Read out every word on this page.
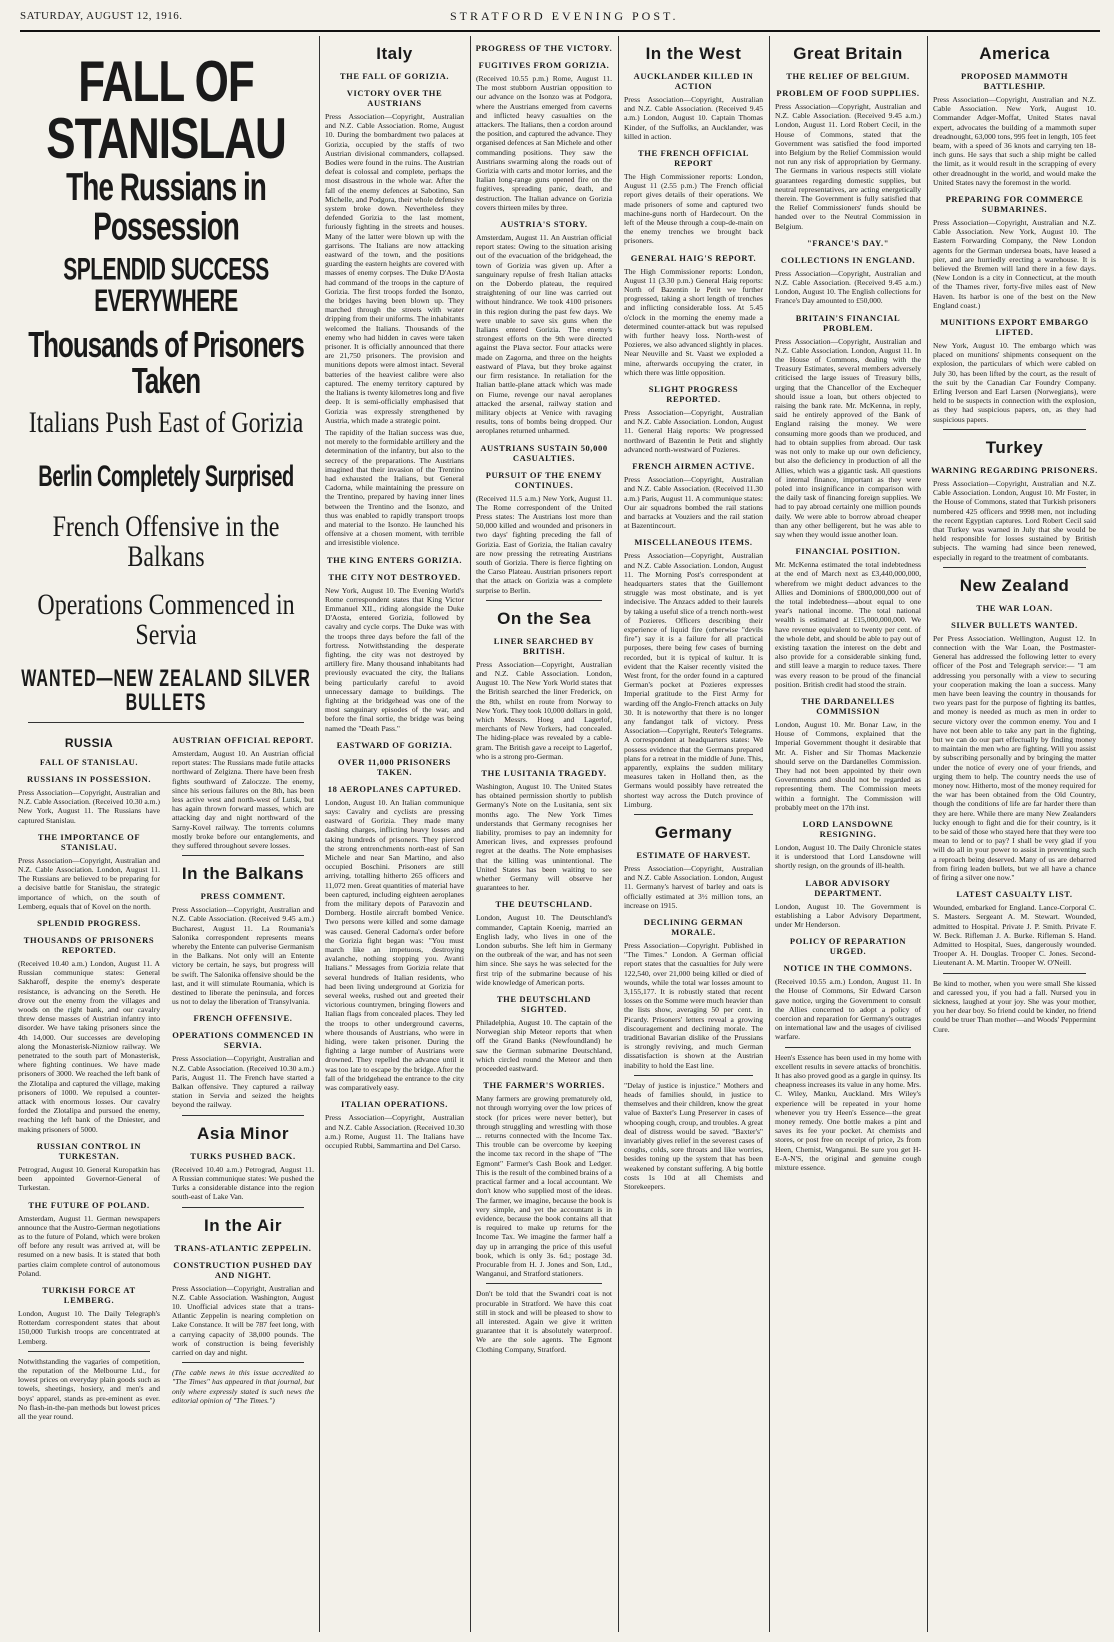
SATURDAY, AUGUST 12, 1916.	STRATFORD EVENING POST.
FALL OF STANISLAU
The Russians in Possession
SPLENDID SUCCESS EVERYWHERE
Thousands of Prisoners Taken
Italians Push East of Gorizia
Berlin Completely Surprised
French Offensive in the Balkans
Operations Commenced in Servia
WANTED—NEW ZEALAND SILVER BULLETS
RUSSIA
FALL OF STANISLAU.
RUSSIANS IN POSSESSION.

Press Association—Copyright, Australian and N.Z. Cable Association. (Received 10.30 a.m.) New York, August 11. The Russians have captured Stanislau.

THE IMPORTANCE OF STANISLAU.

Press Association—Copyright, Australian and N.Z. Cable Association. London, August 11. The Russians are believed to be preparing for a decisive battle for Stanislau, the strategic importance of which, on the south of Lemberg, equals that of Kovel on the north.

SPLENDID PROGRESS.
THOUSANDS OF PRISONERS REPORTED.

(Received 10.40 a.m.) London, August 11. A Russian communique states: General Sakharoff, despite the enemy's desperate resistance, is advancing on the Sereth. He drove out the enemy from the villages and woods on the right bank, and our cavalry threw dense masses of Austrian infantry into disorder. We have taking prisoners since the 4th 14,000. Our successes are developing along the Monasterisk-Nizniow railway. We penetrated to the south part of Monasterisk, where fighting continues. We have made prisoners of 3000. We reached the left bank of the Zlotalipa and captured the village, making prisoners of 1000. We repulsed a counter-attack with enormous losses. Our cavalry forded the Zlotalipa and pursued the enemy, reaching the left bank of the Dniester, and making prisoners of 5000.

RUSSIAN CONTROL IN TURKESTAN.

Petrograd, August 10. General Kuropatkin has been appointed Governor-General of Turkestan.

THE FUTURE OF POLAND.

Amsterdam, August 11. German newspapers announce that the Austro-German negotiations as to the future of Poland, which were broken off before any result was arrived at, will be resumed on a new basis. It is stated that both parties claim complete control of autonomous Poland.

TURKISH FORCE AT LEMBERG.

London, August 10. The Daily Telegraph's Rotterdam correspondent states that about 150,000 Turkish troops are concentrated at Lemberg.

Notwithstanding the vagaries of competition, the reputation of the Melbourne Ltd., for lowest prices on everyday plain goods such as towels, sheetings, hosiery, and men's and boys' apparel, stands as pre-eminent as ever. No flash-in-the-pan methods but lowest prices all the year round.

AUSTRIAN OFFICIAL REPORT.

Amsterdam, August 10. An Austrian official report states: The Russians made futile attacks northward of Zelgizna. There have been fresh fights southward of Zaloczze. The enemy, since his serious failures on the 8th, has been less active west and north-west of Lutsk, but has again thrown forward masses, which are attacking day and night northward of the Sarny-Kovel railway. The torrents columns mostly broke before our entanglements, and they suffered throughout severe losses.

In the Balkans
PRESS COMMENT.

Press Association—Copyright, Australian and N.Z. Cable Association. (Received 9.45 a.m.) Bucharest, August 11. La Roumania's Salonika correspondent represents means whereby the Entente can pulverise Germanism in the Balkans. Not only will an Entente victory be certain, he says, but progress will be swift. The Salonika offensive should be the last, and it will stimulate Roumania, which is destined to liberate the peninsula, and forces us not to delay the liberation of Transylvania.

FRENCH OFFENSIVE.
OPERATIONS COMMENCED IN SERVIA.

Press Association—Copyright, Australian and N.Z. Cable Association. (Received 10.30 a.m.) Paris, August 11. The French have started a Balkan offensive. They captured a railway station in Servia and seized the heights beyond the railway.

Asia Minor
TURKS PUSHED BACK.

(Received 10.40 a.m.) Petrograd, August 11. A Russian communique states: We pushed the Turks a considerable distance into the region south-east of Lake Van.

In the Air
TRANS-ATLANTIC ZEPPELIN.
CONSTRUCTION PUSHED DAY AND NIGHT.

Press Association—Copyright, Australian and N.Z. Cable Association. Washington, August 10. Unofficial advices state that a trans-Atlantic Zeppelin is nearing completion on Lake Constance. It will be 787 feet long, with a carrying capacity of 38,000 pounds. The work of construction is being feverishly carried on day and night.

(The cable news in this issue accredited to "The Times" has appeared in that journal, but only where expressly stated is such news the editorial opinion of "The Times.")

Italy
THE FALL OF GORIZIA.
VICTORY OVER THE AUSTRIANS

Press Association—Copyright, Australian and N.Z. Cable Association. Rome, August 10. During the bombardment two palaces at Gorizia, occupied by the staffs of two Austrian divisional commanders, collapsed. Bodies were found in the ruins. The Austrian defeat is colossal and complete, perhaps the most disastrous in the whole war. After the fall of the enemy defences at Sabotino, San Michelle, and Podgora, their whole defensive system broke down. Nevertheless they defended Gorizia to the last moment, furiously fighting in the streets and houses. Many of the latter were blown up with the garrisons. The Italians are now attacking eastward of the town, and the positions guarding the eastern heights are covered with masses of enemy corpses. The Duke D'Aosta had command of the troops in the capture of Gorizia. The first troops forded the Isonzo, the bridges having been blown up. They marched through the streets with water dripping from their uniforms. The inhabitants welcomed the Italians. Thousands of the enemy who had hidden in caves were taken prisoner. It is officially announced that there are 21,750 prisoners. The provision and munitions depots were almost intact. Several batteries of the heaviest calibre were also captured. The enemy territory captured by the Italians is twenty kilometres long and five deep. It is semi-officially emphasised that Gorizia was expressly strengthened by Austria, which made a strategic point.

The rapidity of the Italian success was due, not merely to the formidable artillery and the determination of the infantry, but also to the secrecy of the preparations. The Austrians imagined that their invasion of the Trentino had exhausted the Italians, but General Cadorna, while maintaining the pressure on the Trentino, prepared by having inner lines between the Trentino and the Isonzo, and thus was enabled to rapidly transport troops and material to the Isonzo. He launched his offensive at a chosen moment, with terrible and irresistible violence.

THE KING ENTERS GORIZIA.
THE CITY NOT DESTROYED.

New York, August 10. The Evening World's Rome correspondent states that King Victor Emmanuel XII., riding alongside the Duke D'Aosta, entered Gorizia, followed by cavalry and cycle corps. The Duke was with the troops three days before the fall of the fortress. Notwithstanding the desperate fighting, the city was not destroyed by artillery fire. Many thousand inhabitants had previously evacuated the city, the Italians being particularly careful to avoid unnecessary damage to buildings. The fighting at the bridgehead was one of the most sanguinary episodes of the war, and before the final sortie, the bridge was being named the "Death Pass."

EASTWARD OF GORIZIA.
OVER 11,000 PRISONERS TAKEN.
18 AEROPLANES CAPTURED.

London, August 10. An Italian communique says: Cavalry and cyclists are pressing eastward of Gorizia. They made many dashing charges, inflicting heavy losses and taking hundreds of prisoners. They pierced the strong entrenchments north-east of San Michele and near San Martino, and also occupied Boschini. Prisoners are still arriving, totalling hitherto 265 officers and 11,072 men. Great quantities of material have been captured, including eighteen aeroplanes from the military depots of Paravozin and Dornberg. Hostile aircraft bombed Venice. Two persons were killed and some damage was caused. General Cadorna's order before the Gorizia fight began was: "You must march like an impetuous, destroying avalanche, nothing stopping you. Avanti Italians." Messages from Gorizia relate that several hundreds of Italian residents, who had been living underground at Gorizia for several weeks, rushed out and greeted their victorious countrymen, bringing flowers and Italian flags from concealed places. They led the troops to other underground caverns, where thousands of Austrians, who were in hiding, were taken prisoner. During the fighting a large number of Austrians were drowned. They repelled the advance until it was too late to escape by the bridge. After the fall of the bridgehead the entrance to the city was comparatively easy.

ITALIAN OPERATIONS.

Press Association—Copyright, Australian and N.Z. Cable Association. (Received 10.30 a.m.) Rome, August 11. The Italians have occupied Rubbi, Sammartina and Del Carso.

PROGRESS OF THE VICTORY.
FUGITIVES FROM GORIZIA.

(Received 10.55 p.m.) Rome, August 11. The most stubborn Austrian opposition to our advance on the Isonzo was at Podgora, where the Austrians emerged from caverns and inflicted heavy casualties on the attackers. The Italians, then a cordon around the position, and captured the advance. They organised defences at San Michele and other commanding positions. They saw the Austrians swarming along the roads out of Gorizia with carts and motor lorries, and the Italian long-range guns opened fire on the fugitives, spreading panic, death, and destruction. The Italian advance on Gorizia covers thirteen miles by three.

AUSTRIA'S STORY.

Amsterdam, August 11. An Austrian official report states: Owing to the situation arising out of the evacuation of the bridgehead, the town of Gorizia was given up. After a sanguinary repulse of fresh Italian attacks on the Doberdo plateau, the required straightening of our line was carried out without hindrance. We took 4100 prisoners in this region during the past few days. We were unable to save six guns when the Italians entered Gorizia. The enemy's strongest efforts on the 9th were directed against the Plava sector. Four attacks were made on Zagorna, and three on the heights eastward of Plava, but they broke against our firm resistance. In retaliation for the Italian battle-plane attack which was made on Fiume, revenge our naval aeroplanes attacked the arsenal, railway station and military objects at Venice with ravaging results, tons of bombs being dropped. Our aeroplanes returned unharmed.

AUSTRIANS SUSTAIN 50,000 CASUALTIES.
PURSUIT OF THE ENEMY CONTINUES.

(Received 11.5 a.m.) New York, August 11. The Rome correspondent of the United Press states: The Austrians lost more than 50,000 killed and wounded and prisoners in two days' fighting preceding the fall of Gorizia. East of Gorizia, the Italian cavalry are now pressing the retreating Austrians south of Gorizia. There is fierce fighting on the Carso Plateau. Austrian prisoners report that the attack on Gorizia was a complete surprise to Berlin.

On the Sea
LINER SEARCHED BY BRITISH.

Press Association—Copyright, Australian and N.Z. Cable Association. London, August 10. The New York World states that the British searched the liner Frederick, on the 8th, whilst en route from Norway to New York. They took 10,000 dollars in gold, which Messrs. Hoeg and Lagerlof, merchants of New Yorkers, had concealed. The hiding-place was revealed by a cable-gram. The British gave a receipt to Lagerlof, who is a strong pro-German.

THE LUSITANIA TRAGEDY.

Washington, August 10. The United States has obtained permission shortly to publish Germany's Note on the Lusitania, sent six months ago. The New York Times understands that Germany recognises her liability, promises to pay an indemnity for American lives, and expresses profound regret at the deaths. The Note emphasises that the killing was unintentional. The United States has been waiting to see whether Germany will observe her guarantees to her.

THE DEUTSCHLAND.

London, August 10. The Deutschland's commander, Captain Koenig, married an English lady, who lives in one of the London suburbs. She left him in Germany on the outbreak of the war, and has not seen him since. She says he was selected for the first trip of the submarine because of his wide knowledge of American ports.

THE DEUTSCHLAND SIGHTED.

Philadelphia, August 10. The captain of the Norwegian ship Meteor reports that when off the Grand Banks (Newfoundland) he saw the German submarine Deutschland, which circled round the Meteor and then proceeded eastward.

THE FARMER'S WORRIES.

Many farmers are growing prematurely old, not through worrying over the low prices of stock (for prices were never better), but through struggling and wrestling with those ... returns connected with the Income Tax. This trouble can be overcome by keeping the income tax record in the shape of "The Egmont" Farmer's Cash Book and Ledger. This is the result of the combined brains of a practical farmer and a local accountant. We don't know who supplied most of the ideas. The farmer, we imagine, because the book is very simple, and yet the accountant is in evidence, because the book contains all that is required to make up returns for the Income Tax. We imagine the farmer half a day up in arranging the price of this useful book, which is only 3s. 6d.; postage 3d. Procurable from H. J. Jones and Son, Ltd., Wanganui, and Stratford stationers.

Don't be told that the Swandri coat is not procurable in Stratford. We have this coat still in stock and will be pleased to show to all interested. Again we give it written guarantee that it is absolutely waterproof. We are the sole agents. The Egmont Clothing Company, Stratford.

In the West
AUCKLANDER KILLED IN ACTION

Press Association—Copyright, Australian and N.Z. Cable Association. (Received 9.45 a.m.) London, August 10. Captain Thomas Kinder, of the Suffolks, an Aucklander, was killed in action.

THE FRENCH OFFICIAL REPORT

The High Commissioner reports: London, August 11 (2.55 p.m.) The French official report gives details of their operations. We made prisoners of some and captured two machine-guns north of Hardecourt. On the left of the Meuse through a coup-de-main on the enemy trenches we brought back prisoners.

GENERAL HAIG'S REPORT.

The High Commissioner reports: London, August 11 (3.30 p.m.) General Haig reports: North of Bazentin le Petit we further progressed, taking a short length of trenches and inflicting considerable loss. At 5.45 o'clock in the morning the enemy made a determined counter-attack but was repulsed with further heavy loss. North-west of Pozieres, we also advanced slightly in places. Near Neuville and St. Vaast we exploded a mine, afterwards occupying the crater, in which there was little opposition.

SLIGHT PROGRESS REPORTED.

Press Association—Copyright, Australian and N.Z. Cable Association. London, August 11. General Haig reports: We progressed northward of Bazentin le Petit and slightly advanced north-westward of Pozieres.

FRENCH AIRMEN ACTIVE.

Press Association—Copyright, Australian and N.Z. Cable Association. (Received 11.30 a.m.) Paris, August 11. A communique states: Our air squadrons bombed the rail stations and barracks at Vouziers and the rail station at Bazentincourt.

MISCELLANEOUS ITEMS.

Press Association—Copyright, Australian and N.Z. Cable Association. London, August 11. The Morning Post's correspondent at headquarters states that the Guillemont struggle was most obstinate, and is yet indecisive. The Anzacs added to their laurels by taking a useful slice of a trench north-west of Pozieres. Officers describing their experience of liquid fire (otherwise "devils fire") say it is a failure for all practical purposes, there being few cases of burning recorded, but it is typical of kultur. It is evident that the Kaiser recently visited the West front, for the order found in a captured German's pocket at Pozieres expresses Imperial gratitude to the First Army for warding off the Anglo-French attacks on July 30. It is noteworthy that there is no longer any fandangot talk of victory. Press Association—Copyright, Reuter's Telegrams. A correspondent at headquarters states: We possess evidence that the Germans prepared plans for a retreat in the middle of June. This, apparently, explains the sudden military measures taken in Holland then, as the Germans would possibly have retreated the shortest way across the Dutch province of Limburg.

Germany
ESTIMATE OF HARVEST.

Press Association—Copyright, Australian and N.Z. Cable Association. London, August 11. Germany's harvest of barley and oats is officially estimated at 3½ million tons, an increase on 1915.

DECLINING GERMAN MORALE.

Press Association—Copyright. Published in "The Times." London. A German official report states that the casualties for July were 122,540, over 21,000 being killed or died of wounds, while the total war losses amount to 3,155,177. It is robustly stated that recent losses on the Somme were much heavier than the lists show, averaging 50 per cent. in Picardy. Prisoners' letters reveal a growing discouragement and declining morale. The traditional Bavarian dislike of the Prussians is strongly reviving, and much German dissatisfaction is shown at the Austrian inability to hold the East line.

"Delay of justice is injustice." Mothers and heads of families should, in justice to themselves and their children, know the great value of Baxter's Lung Preserver in cases of whooping cough, croup, and troubles. A great deal of distress would be saved. "Baxter's" invariably gives relief in the severest cases of coughs, colds, sore throats and like worries, besides toning up the system that has been weakened by constant suffering. A big bottle costs 1s 10d at all Chemists and Storekeepers.

Great Britain
THE RELIEF OF BELGIUM.
PROBLEM OF FOOD SUPPLIES.

Press Association—Copyright, Australian and N.Z. Cable Association. (Received 9.45 a.m.) London, August 11. Lord Robert Cecil, in the House of Commons, stated that the Government was satisfied the food imported into Belgium by the Relief Commission would not run any risk of appropriation by Germany. The Germans in various respects still violate guarantees regarding domestic supplies, but neutral representatives, are acting energetically therein. The Government is fully satisfied that the Relief Commissioners' funds should be handed over to the Neutral Commission in Belgium.

"FRANCE'S DAY."
COLLECTIONS IN ENGLAND.

Press Association—Copyright, Australian and N.Z. Cable Association. (Received 9.45 a.m.) London, August 10. The English collections for France's Day amounted to £50,000.

BRITAIN'S FINANCIAL PROBLEM.

Press Association—Copyright, Australian and N.Z. Cable Association. London, August 11. In the House of Commons, dealing with the Treasury Estimates, several members adversely criticised the large issues of Treasury bills, urging that the Chancellor of the Exchequer should issue a loan, but others objected to raising the bank rate. Mr. McKenna, in reply, said he entirely approved of the Bank of England raising the money. We were consuming more goods than we produced, and had to obtain supplies from abroad. Our task was not only to make up our own deficiency, but also the deficiency in production of all the Allies, which was a gigantic task. All questions of internal finance, important as they were poled into insignificance in comparison with the daily task of financing foreign supplies. We had to pay abroad certainly one million pounds daily. We were able to borrow abroad cheaper than any other belligerent, but he was able to say when they would issue another loan.

FINANCIAL POSITION.

Mr. McKenna estimated the total indebtedness at the end of March next as £3,440,000,000, wherefrom we might deduct advances to the Allies and Dominions of £800,000,000 out of the total indebtedness—about equal to one year's national income. The total national wealth is estimated at £15,000,000,000. We have revenue equivalent to twenty per cent. of the whole debt, and should be able to pay out of existing taxation the interest on the debt and also provide for a considerable sinking fund, and still leave a margin to reduce taxes. There was every reason to be proud of the financial position. British credit had stood the strain.

THE DARDANELLES COMMISSION

London, August 10. Mr. Bonar Law, in the House of Commons, explained that the Imperial Government thought it desirable that Mr. A. Fisher and Sir Thomas Mackenzie should serve on the Dardanelles Commission. They had not been appointed by their own Governments and should not be regarded as representing them. The Commission meets within a fortnight. The Commission will probably meet on the 17th inst.

LORD LANSDOWNE RESIGNING.

London, August 10. The Daily Chronicle states it is understood that Lord Lansdowne will shortly resign, on the grounds of ill-health.

LABOR ADVISORY DEPARTMENT.

London, August 10. The Government is establishing a Labor Advisory Department, under Mr Henderson.

POLICY OF REPARATION URGED.
NOTICE IN THE COMMONS.

(Received 10.55 a.m.) London, August 11. In the House of Commons, Sir Edward Carson gave notice, urging the Government to consult the Allies concerned to adopt a policy of coercion and reparation for Germany's outrages on international law and the usages of civilised warfare.

Heen's Essence has been used in my home with excellent results in severe attacks of bronchitis. It has also proved good as a gargle in quinsy. Its cheapness increases its value in any home. Mrs. C. Wiley, Manku, Auckland. Mrs Wiley's experience will be repeated in your home whenever you try Heen's Essence—the great money remedy. One bottle makes a pint and saves its fee your pocket. At chemists and stores, or post free on receipt of price, 2s from Heen, Chemist, Wanganui. Be sure you get H-E-A-N'S, the original and genuine cough mixture essence.

America
PROPOSED MAMMOTH BATTLESHIP.

Press Association—Copyright, Australian and N.Z. Cable Association. New York, August 10. Commander Adger-Moffat, United States naval expert, advocates the building of a mammoth super dreadnought, 63,000 tons, 995 feet in length, 105 feet beam, with a speed of 36 knots and carrying ten 18-inch guns. He says that such a ship might be called the limit, as it would result in the scrapping of every other dreadnought in the world, and would make the United States navy the foremost in the world.

PREPARING FOR COMMERCE SUBMARINES.

Press Association—Copyright, Australian and N.Z. Cable Association. New York, August 10. The Eastern Forwarding Company, the New London agents for the German undersea boats, have leased a pier, and are hurriedly erecting a warehouse. It is believed the Bremen will land there in a few days. (New London is a city in Connecticut, at the mouth of the Thames river, forty-five miles east of New Haven. Its harbor is one of the best on the New England coast.)

MUNITIONS EXPORT EMBARGO LIFTED.

New York, August 10. The embargo which was placed on munitions' shipments consequent on the explosion, the particulars of which were cabled on July 30, has been lifted by the court, as the result of the suit by the Canadian Car Foundry Company. Erling Iverson and Earl Larsen (Norwegians), were held to be suspects in connection with the explosion, as they had suspicious papers, on, as they had suspicious papers.

Turkey
WARNING REGARDING PRISONERS.

Press Association—Copyright, Australian and N.Z. Cable Association. London, August 10. Mr Foster, in the House of Commons, stated that Turkish prisoners numbered 425 officers and 9998 men, not including the recent Egyptian captures. Lord Robert Cecil said that Turkey was warned in July that she would be held responsible for losses sustained by British subjects. The warning had since been renewed, especially in regard to the treatment of combatants.

New Zealand
THE WAR LOAN.
SILVER BULLETS WANTED.

Per Press Association. Wellington, August 12. In connection with the War Loan, the Postmaster-General has addressed the following letter to every officer of the Post and Telegraph service:— "I am addressing you personally with a view to securing your cooperation making the loan a success. Many men have been leaving the country in thousands for two years past for the purpose of fighting its battles, and money is needed as much as men in order to secure victory over the common enemy. You and I have not been able to take any part in the fighting, but we can do our part effectually by finding money to maintain the men who are fighting. Will you assist by subscribing personally and by bringing the matter under the notice of every one of your friends, and urging them to help. The country needs the use of money now. Hitherto, most of the money required for the war has been obtained from the Old Country, though the conditions of life are far harder there than they are here. While there are many New Zealanders lucky enough to fight and die for their country, is it to be said of those who stayed here that they were too mean to lend or to pay? I shall be very glad if you will do all in your power to assist in preventing such a reproach being deserved. Many of us are debarred from firing leaden bullets, but we all have a chance of firing a silver one now."

LATEST CASUALTY LIST.

Wounded, embarked for England. Lance-Corporal C. S. Masters. Sergeant A. M. Stewart. Wounded, admitted to Hospital. Private J. P. Smith. Private F. W. Beck. Rifleman J. A. Burke. Rifleman S. Hand. Admitted to Hospital, Sues, dangerously wounded. Trooper A. H. Douglas. Trooper C. Jones. Second-Lieutenant A. M. Martin. Trooper W. O'Neill.

Be kind to mother, when you were small She kissed and caressed you, if you had a fall. Nursed you in sickness, laughed at your joy. She was your mother, you her dear boy. So friend could be kinder, no friend could be truer Than mother—and Woods' Peppermint Cure.
